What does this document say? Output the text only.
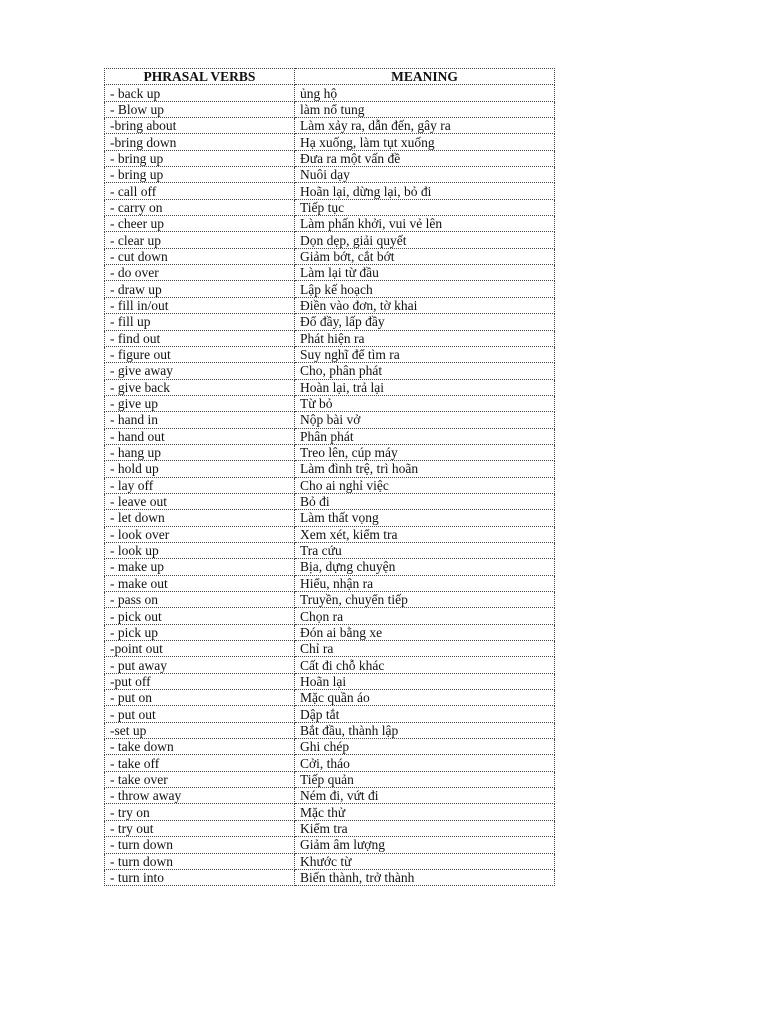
PHRASAL VERBS	MEANING
- back up	ủng hộ
- Blow up	làm nổ tung
-bring about	Làm xảy ra, dẫn đến, gây ra
-bring down	Hạ xuống, làm tụt xuống
- bring up	Đưa ra một vấn đề
- bring up	Nuôi dạy
- call off	Hoãn lại, dừng lại, bỏ đi
- carry on	Tiếp tục
- cheer up	Làm phấn khởi, vui vẻ lên
- clear up	Dọn dẹp, giải quyết
- cut down	Giảm bớt, cắt bớt
- do over	Làm lại từ đầu
- draw up	Lập kế hoạch
- fill in/out	Điền vào đơn, tờ khai
- fill up	Đổ đầy, lấp đầy
- find out	Phát hiện ra
- figure out	Suy nghĩ để tìm ra
- give away	Cho, phân phát
- give back	Hoàn lại, trả lại
- give up	Từ bỏ
- hand in	Nộp bài vở
- hand out	Phân phát
- hang up	Treo lên, cúp máy
- hold up	Làm đình trệ, trì hoãn
- lay off	Cho ai nghỉ việc
- leave out	Bỏ đi
- let down	Làm thất vọng
- look over	Xem xét, kiểm tra
- look up	Tra cứu
- make up	Bịa, dựng chuyện
- make out	Hiểu, nhận ra
- pass on	Truyền, chuyển tiếp
- pick out	Chọn ra
- pick up	Đón ai bằng xe
-point out	Chỉ ra
- put away	Cất đi chỗ khác
-put off	Hoãn lại
- put on	Mặc quần áo
- put out	Dập tắt
-set up	Bắt đầu, thành lập
- take down	Ghi chép
- take off	Cởi, tháo
- take over	Tiếp quản
- throw away	Ném đi, vứt đi
- try on	Mặc thử
- try out	Kiểm tra
- turn down	Giảm âm lượng
- turn down	Khước từ
- turn into	Biến thành, trở thành
